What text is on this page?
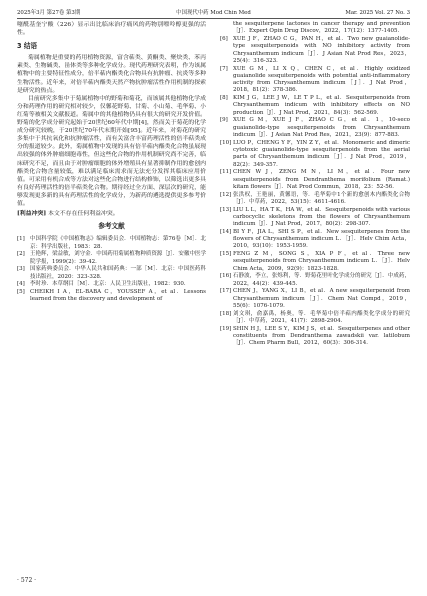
2025年3月 第27卷 第3期	中国现代中药 Mod Chin Med	Mar. 2025 Vol. 27 No. 3

噻酰基奎宁酸（226）显示出比临床治疗痛风的药物别嘌呤醇更强的活性。

3 结语

菊属植物是重要的药用植物资源，富含萜类、黄酮类、聚炔类、苯丙素类、生物碱类、甾体类等多种化学成分。现代药理研究表明，作为该属植物中的主要特征性成分，倍半萜内酯类化合物具有抗肿瘤、抗炎等多种生物活性。近年来，对倍半萜内酯类天然产物抗肿瘤活性作用机制的探索是研究的热点。

目前研究多集中于菊属植物中的野菊和菊花，而该属其他植物化学成分和药理作用的研究相对较少，仅馨花野菊、甘菊、小山菊、毛华菊、小红菊等被相关文献报道。菊属中的其他植物仍具有很大的研究开发价值。野菊的化学成分研究起始于20世纪60年代中期[4]，然而关于菊花的化学成分研究较晚，于20世纪70年代末期开始[95]。近年来，对菊花的研究多集中于其抗氧化和抗肿瘤活性，而有关富含丰富药理活性的倍半萜类成分的报道较少。此外，菊属植物中发现的具有倍半萜内酯类化合物虽展现出较强的体外肿瘤细胞毒性，但这些化合物的作用机制研究尚不完善，临床研究不足，而且由于对肿瘤细胞的体外增殖具有显著抑制作用的愈创内酯类化合物含量较低，难以满足临床需求而无法充分发挥其临床应用价值。可采用有机合成等方法对这些化合物进行结构修饰，以筛选出更多具有良好药理活性的倍半萜类化合物。期待经过全方面、深层次的研究，能够发现更多新的具有药理活性的化学成分，为新药的遴选提供更多参考价值。

[利益冲突] 本文不存在任何利益冲突。

参考文献
[1] 中国科学院《中国植物志》编辑委员会．中国植物志：第76卷［M］．北京：科学出版社，1983：28．
[2] 王艳辉，梁益敏，刘守金．中国药用菊属植物种质资源［J］．安徽中医学院学报，1999(2)：39-42．
[3] 国家药典委员会．中华人民共和国药典：一部［M］．北京：中国医药科技出版社，2020：323-328．
[4] 李时珍．本草纲目［M］．北京：人民卫生出版社，1982：930．
[5] CHEIKH I A，EL-BABA C，YOUSSEF A，et al．Lessons learned from the discovery and development of
the sesquiterpene lactones in cancer therapy and prevention［J］．Expert Opin Drug Discov，2022，17(12)：1377-1405．
[6] XUE J F，ZHAO C G，PAN H，et al．Two new guaianolide-type sesquiterpenoids with NO inhibitory activity from Chrysanthemum indicum［J］．J Asian Nat Prod Res，2023，25(4)：316-323．
[7] XUE G M，LI X Q，CHEN C，et al．Highly oxidized guaianolide sesquiterpenoids with potential anti-inflammatory activity from Chrysanthemum indicum［J］．J Nat Prod，2018，81(2)：378-386．
[8] KIM J G，LEE J W，LE T P L，et al．Sesquiterpenoids from Chrysanthemum indicum with inhibitory effects on NO production［J］．J Nat Prod，2021，84(3)：562-569．
[9] XUE G M，XUE J F，ZHAO C G，et al．1，10-seco guaianolide-type sesquiterpenoids from Chrysanthemum indicum［J］．J Asian Nat Prod Res，2021，23(9)：877-883．
[10] LUO P，CHENG Y F，YIN Z Y，et al．Monomeric and dimeric cytotoxic guaianolide-type sesquiterpenoids from the aerial parts of Chrysanthemum indicum［J］．J Nat Prod，2019，82(2)：349-357．
[11] CHEN W J，ZENG M N，LI M，et al．Four new sesquiterpenoids from Dendranthema morifolium (Ramat.) kitam flowers［J］．Nat Prod Commun，2018，23：52-56．
[12] 张洪权，王艳丽，黄馨语，等．毛华菊中1个新的愈创木内酯类化合物［J］．中草药，2022，53(15)：4611-4616．
[13] LIU L L，HA T K，HA W，et al．Sesquiterpenoids with various carbocyclic skeletons from the flowers of Chrysanthemum indicum［J］．J Nat Prod，2017，80(2)：298-307．
[14] BI Y F，JIA L，SHI S P，et al．New sesquiterpenes from the flowers of Chrysanthemum indicum L．［J］．Helv Chim Acta，2010，93(10)：1953-1959．
[15] FENG Z M，SONG S，XIA P F，et al．Three new sesquiterpenoids from Chrysanthemum indicum L．［J］．Helv Chim Acta，2009，92(9)：1823-1828．
[16] 石静波，李立，张烁利，等．野菊花里叶化学成分的研究［J］．中成药，2022，44(2)：439-445．
[17] CHEN J，YANG X，LI B，et al．A new sesquiterpenoid from Chrysanthemum indicum［J］．Chem Nat Compd，2019，55(6)：1076-1079．
[18] 刘文琪，俞嘉禹，杨奥，等．毛华菊中倍半萜内酯类化学成分的研究［J］．中草药，2021，41(7)：2898-2904．
[19] SHIN H J，LEE S Y，KIM J S，et al．Sesquiterpenes and other constituents from Dendranthema zawadskii var. latilobum［J］．Chem Pharm Bull，2012，60(3)：306-314．
· 572 ·
